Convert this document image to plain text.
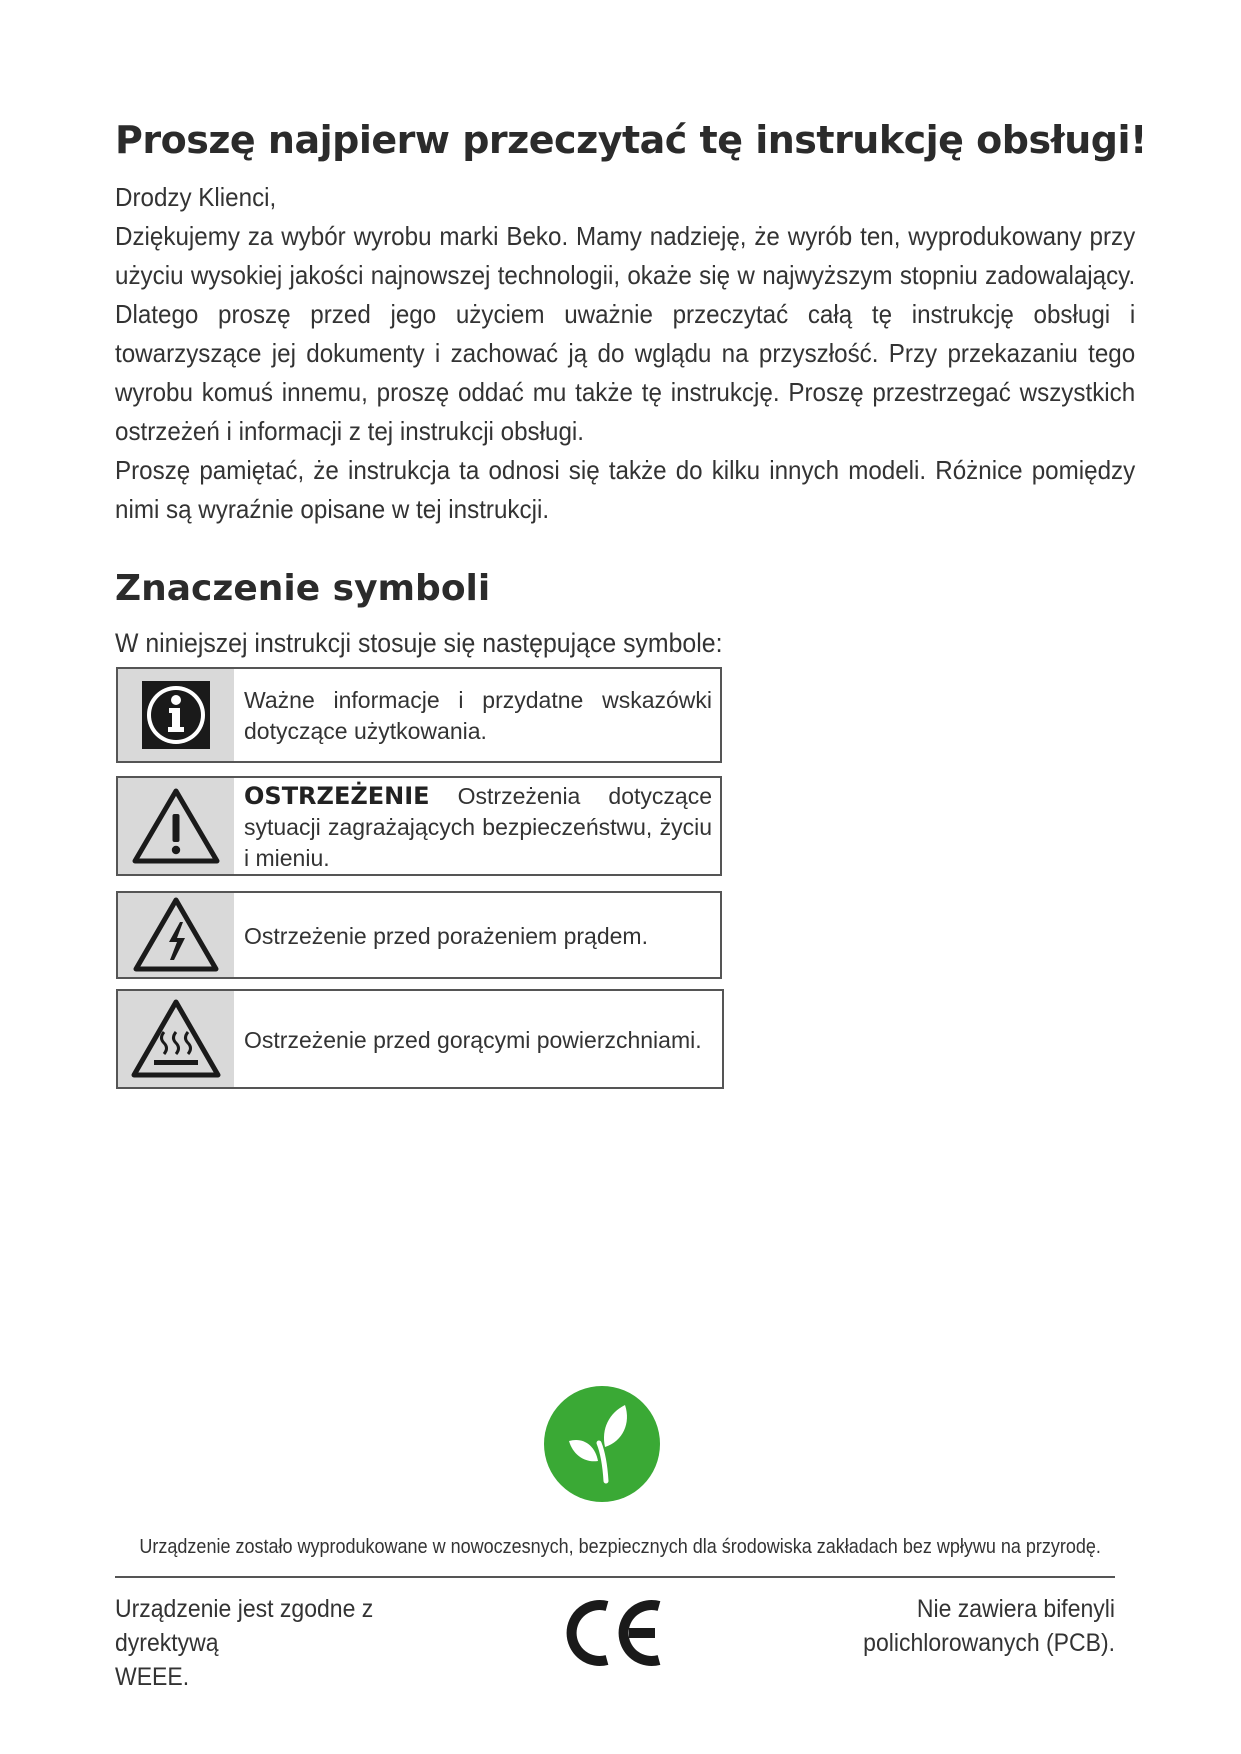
Proszę najpierw przeczytać tę instrukcję obsługi!

Drodzy Klienci,

Dziękujemy za wybór wyrobu marki Beko. Mamy nadzieję, że wyrób ten, wyprodukowany przy użyciu wysokiej jakości najnowszej technologii, okaże się w najwyższym stopniu zadowalający. Dlatego proszę przed jego użyciem uważnie przeczytać całą tę instrukcję obsługi i towarzyszące jej dokumenty i zachować ją do wglądu na przyszłość. Przy przekazaniu tego wyrobu komuś innemu, proszę oddać mu także tę instrukcję. Proszę przestrzegać wszystkich ostrzeżeń i informacji z tej instrukcji obsługi.

Proszę pamiętać, że instrukcja ta odnosi się także do kilku innych modeli. Różnice pomiędzy nimi są wyraźnie opisane w tej instrukcji.

Znaczenie symboli

W niniejszej instrukcji stosuje się następujące symbole:

Ważne informacje i przydatne wskazówki dotyczące użytkowania.
OSTRZEŻENIE Ostrzeżenia dotyczące sytuacji zagrażających bezpieczeństwu, życiu i mieniu.
Ostrzeżenie przed porażeniem prądem.
Ostrzeżenie przed gorącymi powierzchniami.
Urządzenie zostało wyprodukowane w nowoczesnych, bezpiecznych dla środowiska zakładach bez wpływu na przyrodę.
Urządzenie jest zgodne z dyrektywą
WEEE.
Nie zawiera bifenyli
polichlorowanych (PCB).
